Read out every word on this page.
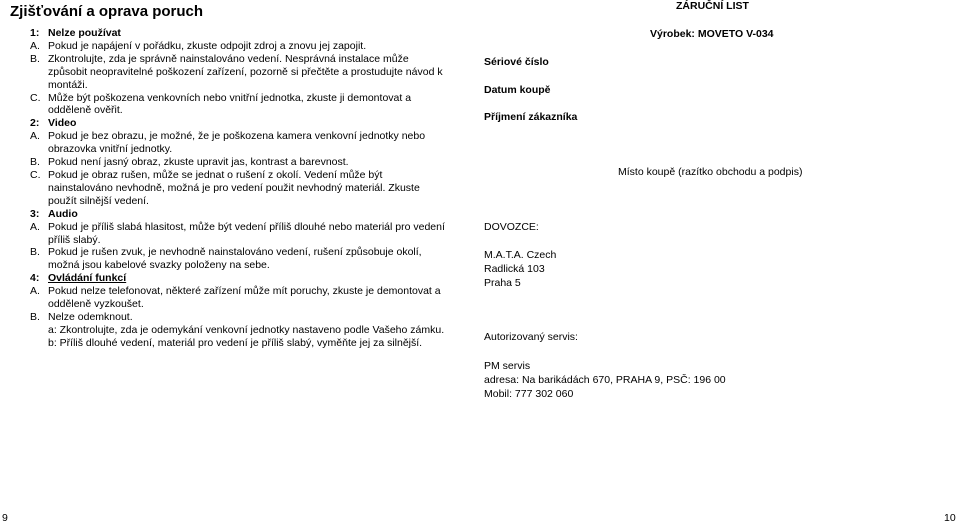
Zjišťování a oprava poruch
1: Nelze používat
A. Pokud je napájení v pořádku, zkuste odpojit zdroj a znovu jej zapojit.
B. Zkontrolujte, zda je správně nainstalováno vedení. Nesprávná instalace může způsobit neopravitelné poškození zařízení, pozorně si přečtěte a prostudujte návod k montáži.
C. Může být poškozena venkovních nebo vnitřní jednotka, zkuste ji demontovat a odděleně ověřit.
2: Video
A. Pokud je bez obrazu, je možné, že je poškozena kamera venkovní jednotky nebo obrazovka vnitřní jednotky.
B. Pokud není jasný obraz, zkuste upravit jas, kontrast a barevnost.
C. Pokud je obraz rušen, může se jednat o rušení z okolí. Vedení může být nainstalováno nevhodně, možná je pro vedení použit nevhodný materiál. Zkuste použít silnější vedení.
3: Audio
A. Pokud je příliš slabá hlasitost, může být vedení příliš dlouhé nebo materiál pro vedení příliš slabý.
B. Pokud je rušen zvuk, je nevhodně nainstalováno vedení, rušení způsobuje okolí, možná jsou kabelové svazky položeny na sebe.
4: Ovládání funkcí
A. Pokud nelze telefonovat, některé zařízení může mít poruchy, zkuste je demontovat a odděleně vyzkoušet.
B. Nelze odemknout.
a: Zkontrolujte, zda je odemykání venkovní jednotky nastaveno podle Vašeho zámku.
b: Příliš dlouhé vedení, materiál pro vedení je příliš slabý, vyměňte jej za silnější.
ZÁRUČNÍ LIST
Výrobek: MOVETO V-034
Sériové číslo
Datum koupě
Příjmení zákazníka
Místo koupě (razítko obchodu a podpis)
DOVOZCE:
M.A.T.A. Czech
Radlická 103
Praha 5
Autorizovaný servis:
PM servis
adresa: Na barikádách 670, PRAHA 9, PSČ: 196 00
Mobil: 777 302 060
9	10
